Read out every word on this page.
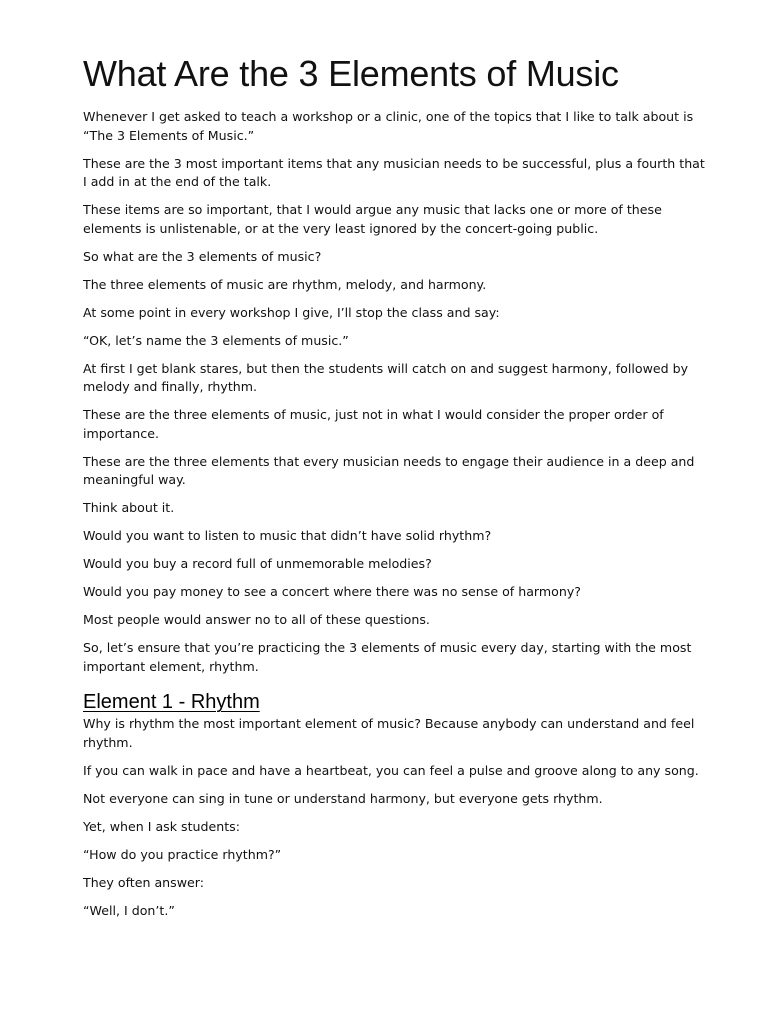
What Are the 3 Elements of Music

Whenever I get asked to teach a workshop or a clinic, one of the topics that I like to talk about is “The 3 Elements of Music.”

These are the 3 most important items that any musician needs to be successful, plus a fourth that I add in at the end of the talk.

These items are so important, that I would argue any music that lacks one or more of these elements is unlistenable, or at the very least ignored by the concert-going public.

So what are the 3 elements of music?

The three elements of music are rhythm, melody, and harmony.

At some point in every workshop I give, I’ll stop the class and say:

“OK, let’s name the 3 elements of music.”

At first I get blank stares, but then the students will catch on and suggest harmony, followed by melody and finally, rhythm.

These are the three elements of music, just not in what I would consider the proper order of importance.

These are the three elements that every musician needs to engage their audience in a deep and meaningful way.

Think about it.

Would you want to listen to music that didn’t have solid rhythm?

Would you buy a record full of unmemorable melodies?

Would you pay money to see a concert where there was no sense of harmony?

Most people would answer no to all of these questions.

So, let’s ensure that you’re practicing the 3 elements of music every day, starting with the most important element, rhythm.

Element 1 - Rhythm

Why is rhythm the most important element of music? Because anybody can understand and feel rhythm.

If you can walk in pace and have a heartbeat, you can feel a pulse and groove along to any song.

Not everyone can sing in tune or understand harmony, but everyone gets rhythm.

Yet, when I ask students:

“How do you practice rhythm?”

They often answer:

“Well, I don’t.”
